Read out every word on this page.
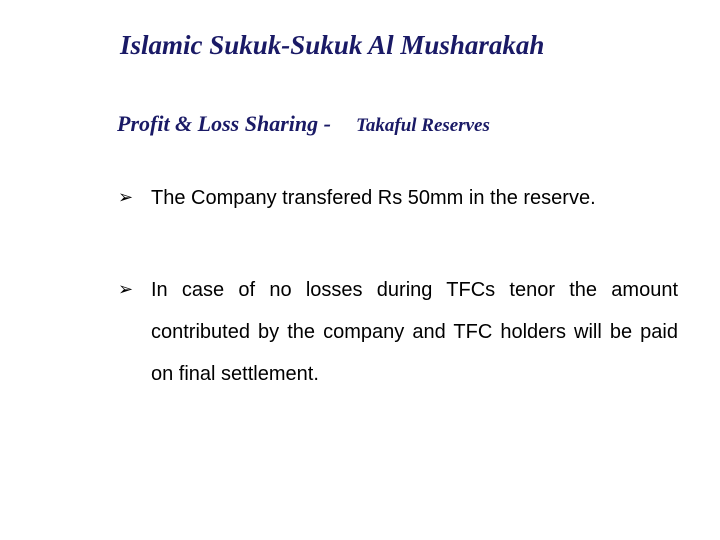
Islamic Sukuk-Sukuk Al Musharakah
Profit & Loss Sharing - Takaful Reserves
➢ The Company transfered Rs 50mm in the reserve.
➢ In case of no losses during TFCs tenor the amount contributed by the company and TFC holders will be paid on final settlement.
